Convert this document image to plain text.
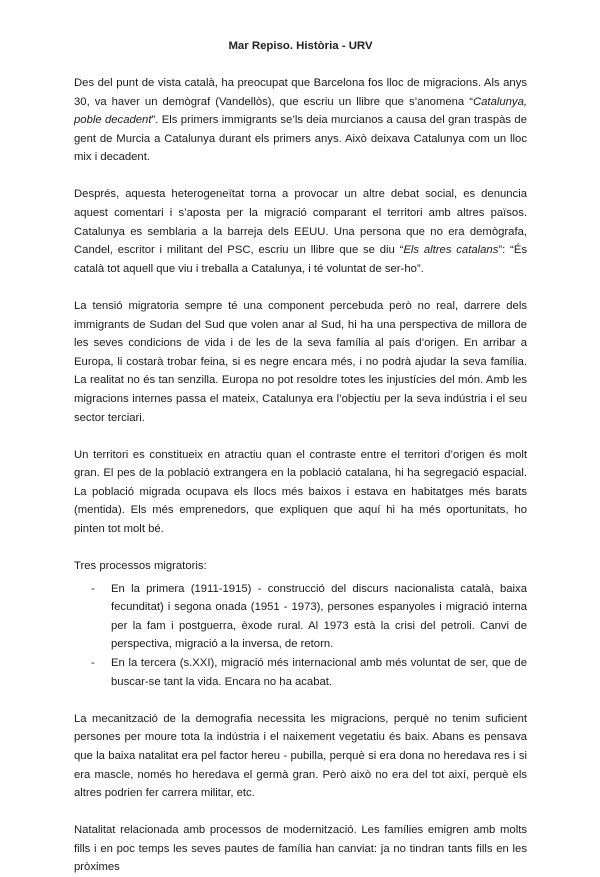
Mar Repiso. Història - URV

Des del punt de vista català, ha preocupat que Barcelona fos lloc de migracions. Als anys 30, va haver un demògraf (Vandellòs), que escriu un llibre que s’anomena “Catalunya, poble decadent”. Els primers immigrants se’ls deia murcianos a causa del gran traspàs de gent de Murcia a Catalunya durant els primers anys. Això deixava Catalunya com un lloc mix i decadent.

Després, aquesta heterogeneïtat torna a provocar un altre debat social, es denuncia aquest comentari i s’aposta per la migració comparant el territori amb altres països. Catalunya es semblaria a la barreja dels EEUU. Una persona que no era demògrafa, Candel, escritor i militant del PSC, escriu un llibre que se diu “Els altres catalans”: “És català tot aquell que viu i treballa a Catalunya, i té voluntat de ser-ho”.

La tensió migratoria sempre té una component percebuda però no real, darrere dels immigrants de Sudan del Sud que volen anar al Sud, hi ha una perspectiva de millora de les seves condicions de vida i de les de la seva família al país d’origen. En arribar a Europa, li costarà trobar feina, si es negre encara més, i no podrà ajudar la seva família. La realitat no és tan senzilla. Europa no pot resoldre totes les injustícies del món. Amb les migracions internes passa el mateix, Catalunya era l’objectiu per la seva indústria i el seu sector terciari.

Un territori es constitueix en atractiu quan el contraste entre el territori d’origen és molt gran. El pes de la població extrangera en la població catalana, hi ha segregació espacial. La població migrada ocupava els llocs més baixos i estava en habitatges més barats (mentida). Els més emprenedors, que expliquen que aquí hi ha més oportunitats, ho pinten tot molt bé.

Tres processos migratoris:

- En la primera (1911-1915) - construcció del discurs nacionalista català, baixa fecunditat) i segona onada (1951 - 1973), persones espanyoles i migració interna per la fam i postguerra, èxode rural. Al 1973 està la crisi del petroli. Canvi de perspectiva, migració a la inversa, de retorn.
- En la tercera (s.XXI), migració més internacional amb més voluntat de ser, que de buscar-se tant la vida. Encara no ha acabat.

La mecanització de la demografia necessita les migracions, perquè no tenim suficient persones per moure tota la indústria i el naixement vegetatiu és baix. Abans es pensava que la baixa natalitat era pel factor hereu - pubilla, perquè si era dona no heredava res i si era mascle, només ho heredava el germà gran. Però això no era del tot així, perquè els altres podrien fer carrera militar, etc.

Natalitat relacionada amb processos de modernització. Les famílies emigren amb molts fills i en poc temps les seves pautes de família han canviat: ja no tindran tants fills en les pròximes
